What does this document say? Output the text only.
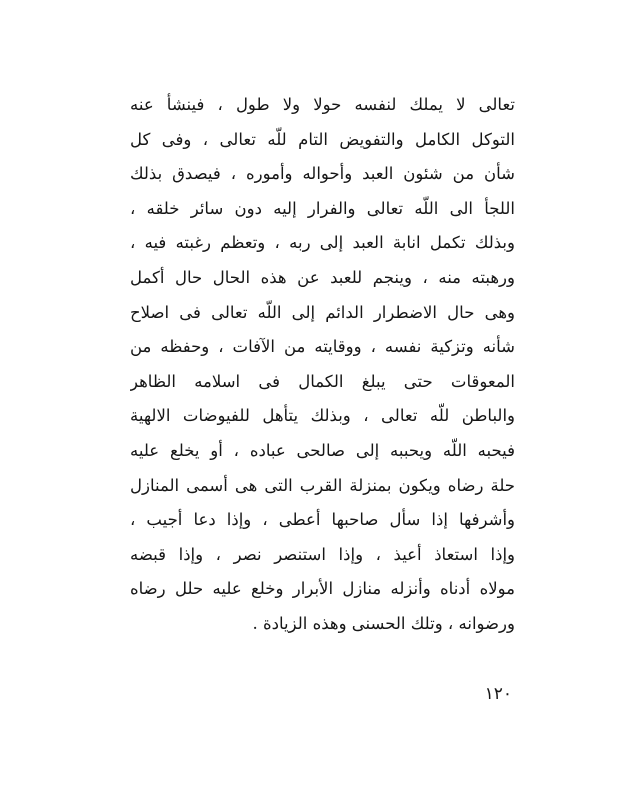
تعالى لا يملك لنفسه حولا ولا طول ، فينشأ عنه
التوكل الكامل والتفويض التام للّه تعالى ، وفى كل
شأن من شئون العبد وأحواله وأموره ، فيصدق بذلك
اللجأ الى اللّه تعالى والفرار إليه دون سائر خلقه ،
وبذلك تكمل انابة العبد إلى ربه ، وتعظم رغبته فيه ،
ورهبته منه ، وينجم للعبد عن هذه الحال حال أكمل
وهى حال الاضطرار الدائم إلى اللّه تعالى فى اصلاح
شأنه وتزكية نفسه ، ووقايته من الآفات ، وحفظه من
المعوقات حتى يبلغ الكمال فى اسلامه الظاهر
والباطن للّه تعالى ، وبذلك يتأهل للفيوضات الالهية
فيحبه اللّه ويحببه إلى صالحى عباده ، أو يخلع عليه
حلة رضاه ويكون بمنزلة القرب التى هى أسمى المنازل
وأشرفها إذا سأل صاحبها أعطى ، وإذا دعا أجيب ،
وإذا استعاذ أعيذ ، وإذا استنصر نصر ، وإذا قبضه
مولاه أدناه وأنزله منازل الأبرار وخلع عليه حلل رضاه
ورضوانه ، وتلك الحسنى وهذه الزيادة .
١٢٠
